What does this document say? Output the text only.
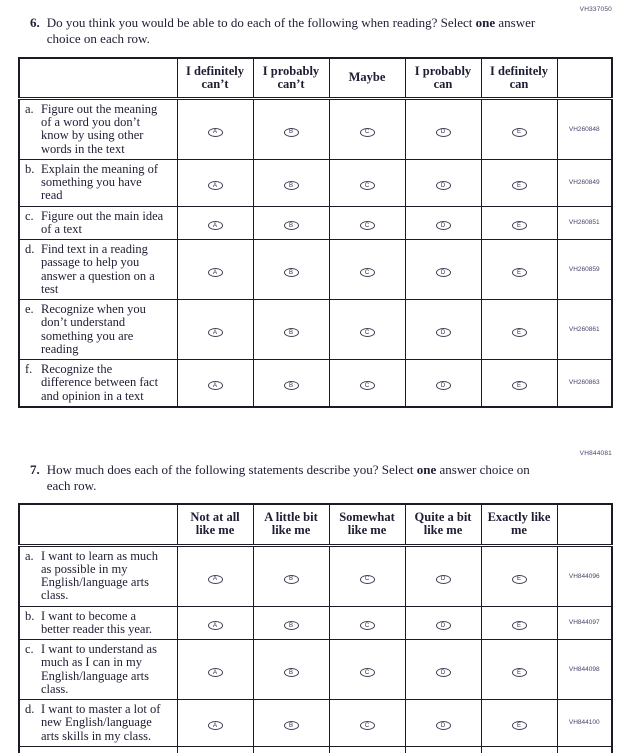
VH337050
6. Do you think you would be able to do each of the following when reading? Select one answer choice on each row.
	I definitely can’t	I probably can’t	Maybe	I probably can	I definitely can	

a. Figure out the meaning of a word you don’t know by using other words in the text	A	B	C	D	E	VH260848

b. Explain the meaning of something you have read	A	B	C	D	E	VH260849

c. Figure out the main idea of a text	A	B	C	D	E	VH260851

d. Find text in a reading passage to help you answer a question on a test	A	B	C	D	E	VH260859

e. Recognize when you don’t understand something you are reading	A	B	C	D	E	VH260861

f. Recognize the difference between fact and opinion in a text	A	B	C	D	E	VH260863
VH844081
7. How much does each of the following statements describe you? Select one answer choice on each row.
	Not at all like me	A little bit like me	Somewhat like me	Quite a bit like me	Exactly like me	

a. I want to learn as much as possible in my English/language arts class.	A	B	C	D	E	VH844096

b. I want to become a better reader this year.	A	B	C	D	E	VH844097

c. I want to understand as much as I can in my English/language arts class.	A	B	C	D	E	VH844098

d. I want to master a lot of new English/language arts skills in my class.	A	B	C	D	E	VH844100
